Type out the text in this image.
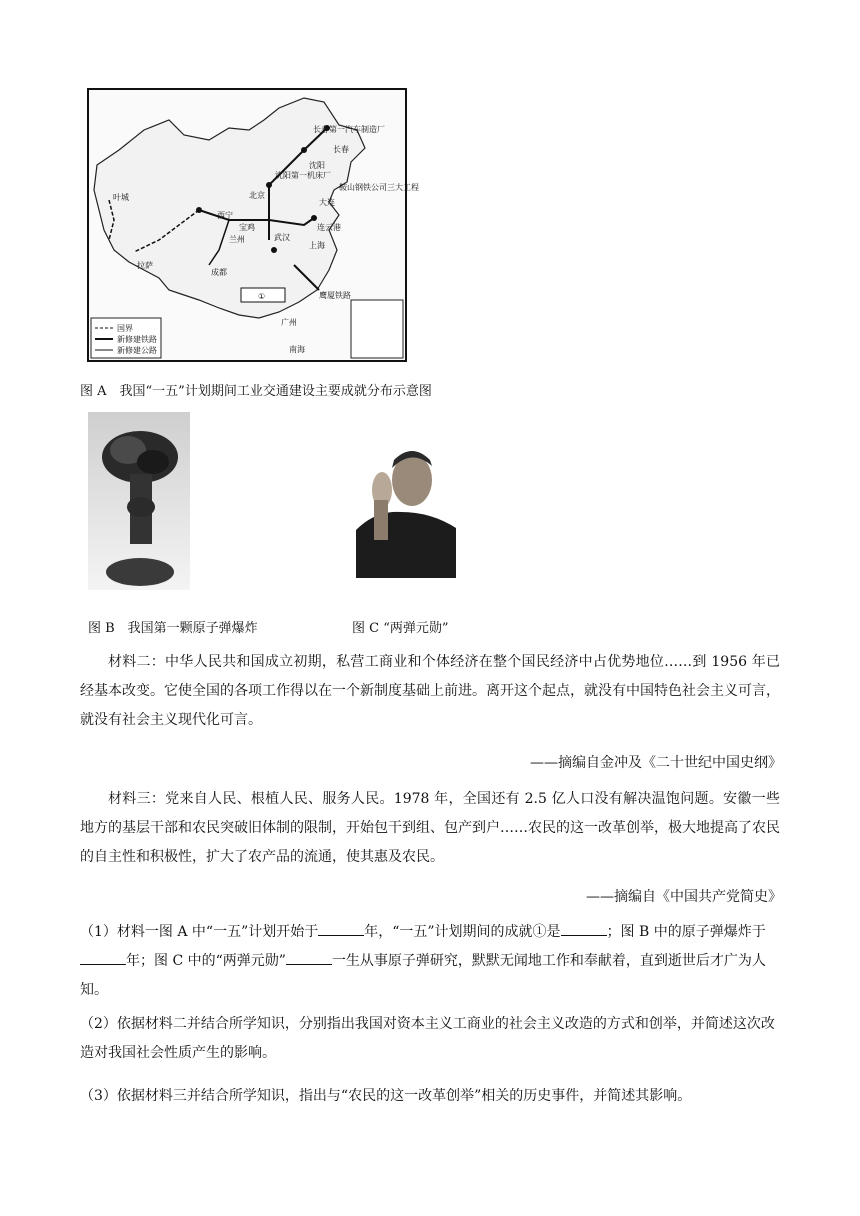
长春第一汽车制造厂
长春
沈阳
沈阳第一机床厂
鞍山钢铁公司三大工程
北京
大连
连云港
上海
武汉
西宁
兰州
宝鸡
成都
拉萨
广州
叶城
鹰厦铁路
①
南海
国界
新修建铁路
新修建公路
图 A　我国“一五”计划期间工业交通建设主要成就分布示意图
图 B　我国第一颗原子弹爆炸	图 C “两弹元勋”
材料二：中华人民共和国成立初期，私营工商业和个体经济在整个国民经济中占优势地位……到 1956 年已经基本改变。它使全国的各项工作得以在一个新制度基础上前进。离开这个起点，就没有中国特色社会主义可言，就没有社会主义现代化可言。
——摘编自金冲及《二十世纪中国史纲》
材料三：党来自人民、根植人民、服务人民。1978 年，全国还有 2.5 亿人口没有解决温饱问题。安徽一些地方的基层干部和农民突破旧体制的限制，开始包干到组、包产到户……农民的这一改革创举，极大地提高了农民的自主性和积极性，扩大了农产品的流通，使其惠及农民。
——摘编自《中国共产党简史》
（1）材料一图 A 中“一五”计划开始于	年，“一五”计划期间的成就①是	；图 B 中的原子弹爆炸于年；图 C 中的“两弹元勋”	一生从事原子弹研究，默默无闻地工作和奉献着，直到逝世后才广为人知。
（2）依据材料二并结合所学知识，分别指出我国对资本主义工商业的社会主义改造的方式和创举，并简述这次改造对我国社会性质产生的影响。
（3）依据材料三并结合所学知识，指出与“农民的这一改革创举”相关的历史事件，并简述其影响。
